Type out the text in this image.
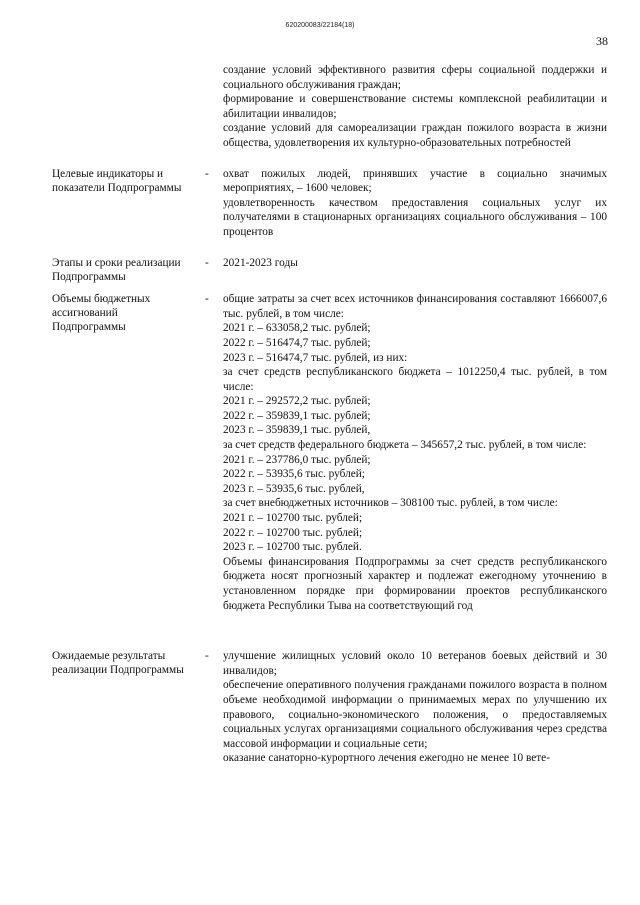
620200083/22184(18)
38

создание условий эффективного развития сферы социальной поддержки и социального обслуживания граждан;

формирование и совершенствование системы комплексной реабилитации и абилитации инвалидов;

создание условий для самореализации граждан пожилого возраста в жизни общества, удовлетворения их культурно-образовательных потребностей

Целевые индикаторы и показатели Подпрограммы
- охват пожилых людей, принявших участие в социально значимых мероприятиях, – 1600 человек;

удовлетворенность качеством предоставления социальных услуг их получателями в стационарных организациях социального обслуживания – 100 процентов

Этапы и сроки реализации Подпрограммы
- 2021-2023 годы

Объемы бюджетных ассигнований Подпрограммы
- общие затраты за счет всех источников финансирования составляют 1666007,6 тыс. рублей, в том числе:

2021 г. – 633058,2 тыс. рублей;

2022 г. – 516474,7 тыс. рублей;

2023 г. – 516474,7 тыс. рублей, из них:

за счет средств республиканского бюджета – 1012250,4 тыс. рублей, в том числе:

2021 г. – 292572,2 тыс. рублей;

2022 г. – 359839,1 тыс. рублей;

2023 г. – 359839,1 тыс. рублей,

за счет средств федерального бюджета – 345657,2 тыс. рублей, в том числе:

2021 г. – 237786,0 тыс. рублей;

2022 г. – 53935,6 тыс. рублей;

2023 г. – 53935,6 тыс. рублей,

за счет внебюджетных источников – 308100 тыс. рублей, в том числе:

2021 г. – 102700 тыс. рублей;

2022 г. – 102700 тыс. рублей;

2023 г. – 102700 тыс. рублей.

Объемы финансирования Подпрограммы за счет средств республиканского бюджета носят прогнозный характер и подлежат ежегодному уточнению в установленном порядке при формировании проектов республиканского бюджета Республики Тыва на соответствующий год

Ожидаемые результаты реализации Подпрограммы
- улучшение жилищных условий около 10 ветеранов боевых действий и 30 инвалидов;

обеспечение оперативного получения гражданами пожилого возраста в полном объеме необходимой информации о принимаемых мерах по улучшению их правового, социально-экономического положения, о предоставляемых социальных услугах организациями социального обслуживания через средства массовой информации и социальные сети;

оказание санаторно-курортного лечения ежегодно не менее 10 вете-
